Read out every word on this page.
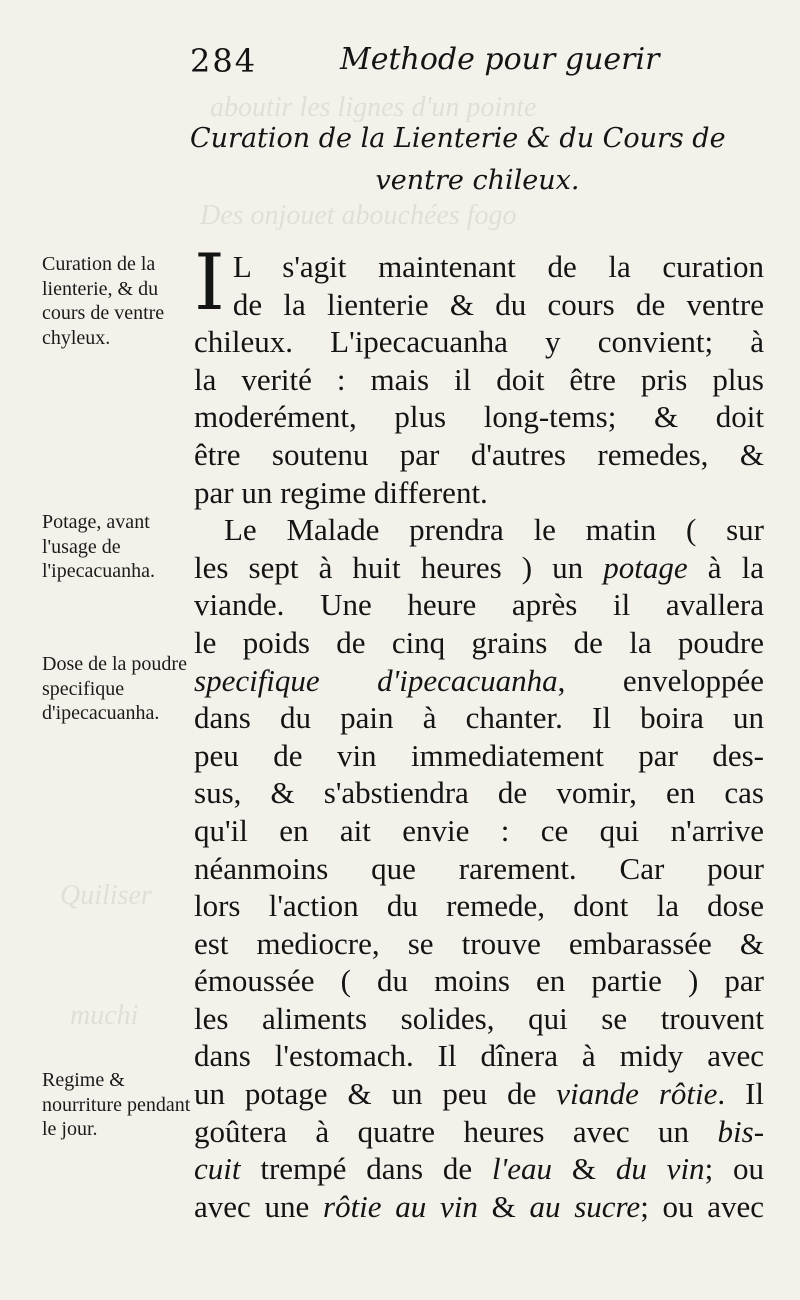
aboutir les lignes d'un pointe
Des onjouet abouchées fogo
Quiliser
muchi
284	Methode pour guerir
Curation de la Lienterie & du Cours de
ventre chileux.
Curation de la lienterie, & du cours de ventre chyleux.
Potage, avant l'usage de l'ipecacuanha.
Dose de la poudre specifique d'ipecacuanha.
Regime & nourriture pendant le jour.
I L s'agit maintenant de la curation
de la lienterie & du cours de ventre
chileux. L'ipecacuanha y convient; à
la verité : mais il doit être pris plus
moderément, plus long-tems; & doit
être soutenu par d'autres remedes, &
par un regime different.
Le Malade prendra le matin ( sur
les sept à huit heures ) un potage à la
viande. Une heure après il avallera
le poids de cinq grains de la poudre
specifique d'ipecacuanha, enveloppée
dans du pain à chanter. Il boira un
peu de vin immediatement par des-
sus, & s'abstiendra de vomir, en cas
qu'il en ait envie : ce qui n'arrive
néanmoins que rarement. Car pour
lors l'action du remede, dont la dose
est mediocre, se trouve embarassée &
émoussée ( du moins en partie ) par
les aliments solides, qui se trouvent
dans l'estomach. Il dînera à midy avec
un potage & un peu de viande rôtie. Il
goûtera à quatre heures avec un bis-
cuit trempé dans de l'eau & du vin; ou
avec une rôtie au vin & au sucre; ou avec
